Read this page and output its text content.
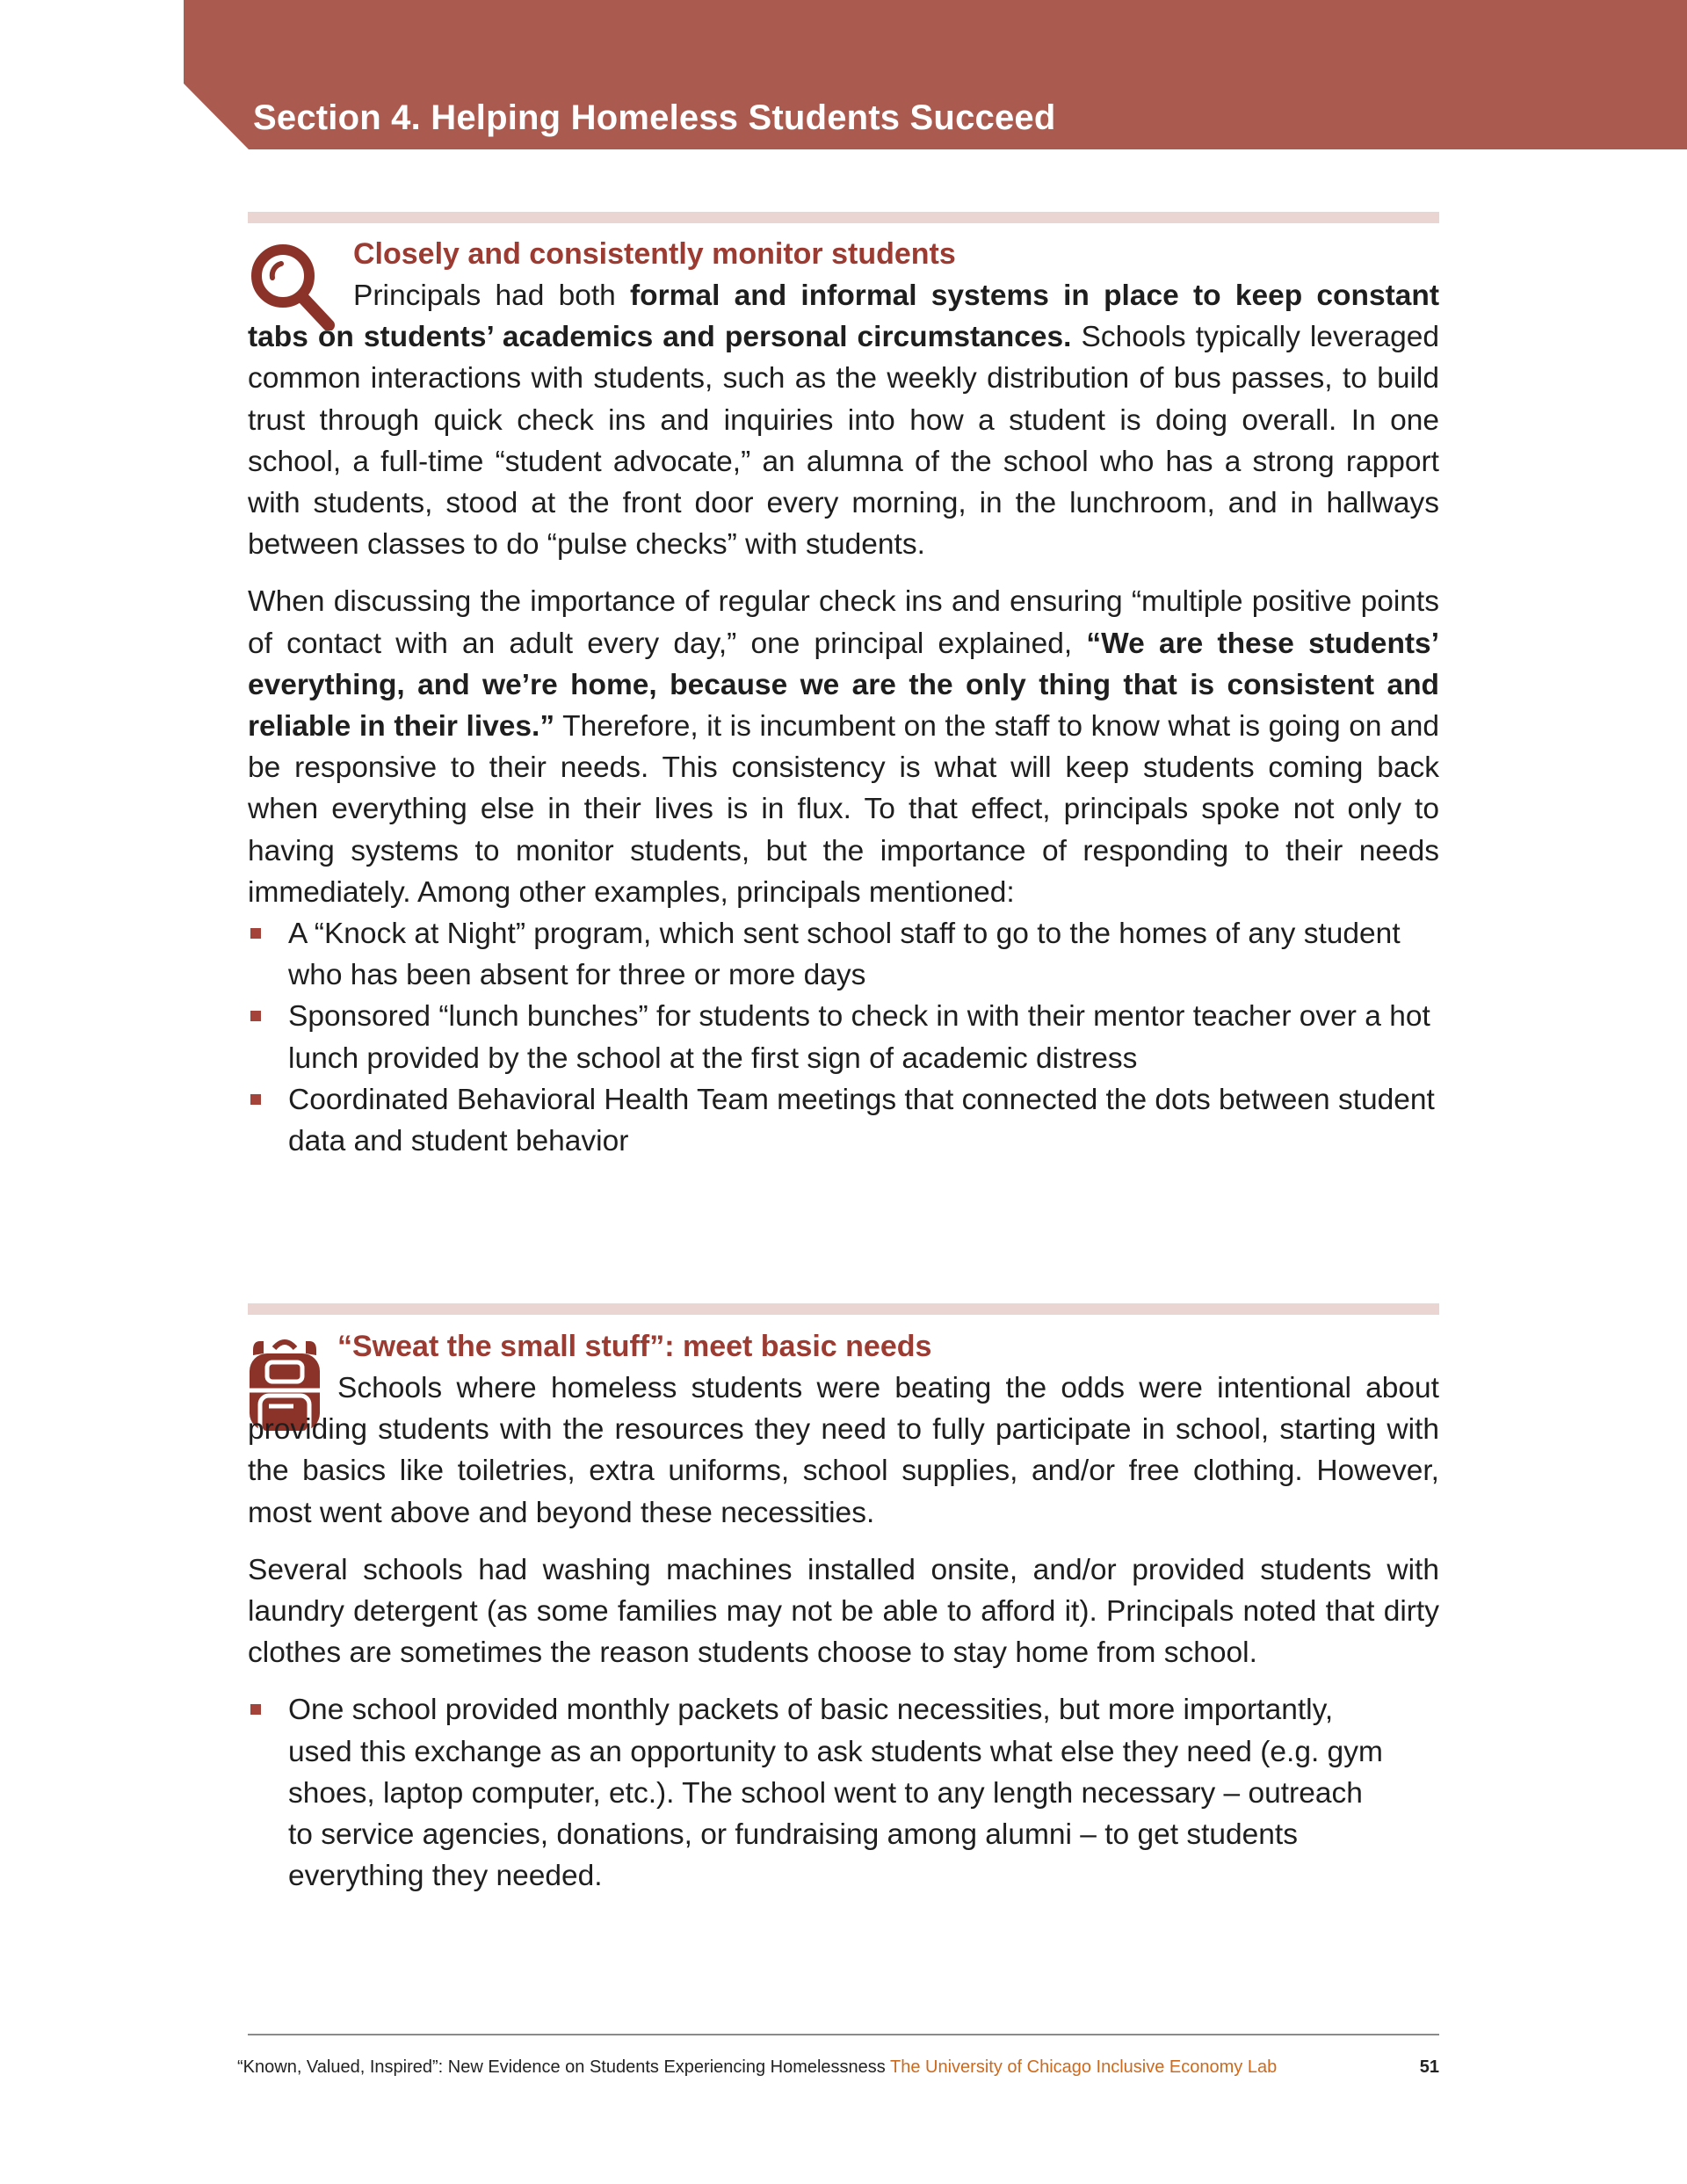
Section 4. Helping Homeless Students Succeed
Closely and consistently monitor students

Principals had both formal and informal systems in place to keep constant tabs on students’ academics and personal circumstances. Schools typically leveraged common interactions with students, such as the weekly distribution of bus passes, to build trust through quick check ins and inquiries into how a student is doing overall. In one school, a full-time “student advocate,” an alumna of the school who has a strong rapport with students, stood at the front door every morning, in the lunchroom, and in hallways between classes to do “pulse checks” with students.

When discussing the importance of regular check ins and ensuring “multiple positive points of contact with an adult every day,” one principal explained, “We are these students’ everything, and we’re home, because we are the only thing that is consistent and reliable in their lives.” Therefore, it is incumbent on the staff to know what is going on and be responsive to their needs. This consistency is what will keep students coming back when everything else in their lives is in flux. To that effect, principals spoke not only to having systems to monitor students, but the importance of responding to their needs immediately. Among other examples, principals mentioned:

A “Knock at Night” program, which sent school staff to go to the homes of any student who has been absent for three or more days
Sponsored “lunch bunches” for students to check in with their mentor teacher over a hot lunch provided by the school at the first sign of academic distress
Coordinated Behavioral Health Team meetings that connected the dots between student data and student behavior
“Sweat the small stuff”: meet basic needs

Schools where homeless students were beating the odds were intentional about providing students with the resources they need to fully participate in school, starting with the basics like toiletries, extra uniforms, school supplies, and/or free clothing. However, most went above and beyond these necessities.

Several schools had washing machines installed onsite, and/or provided students with laundry detergent (as some families may not be able to afford it). Principals noted that dirty clothes are sometimes the reason students choose to stay home from school.

One school provided monthly packets of basic necessities, but more importantly, used this exchange as an opportunity to ask students what else they need (e.g. gym shoes, laptop computer, etc.). The school went to any length necessary – outreach to service agencies, donations, or fundraising among alumni – to get students everything they needed.
“Known, Valued, Inspired”: New Evidence on Students Experiencing Homelessness The University of Chicago Inclusive Economy Lab	51
